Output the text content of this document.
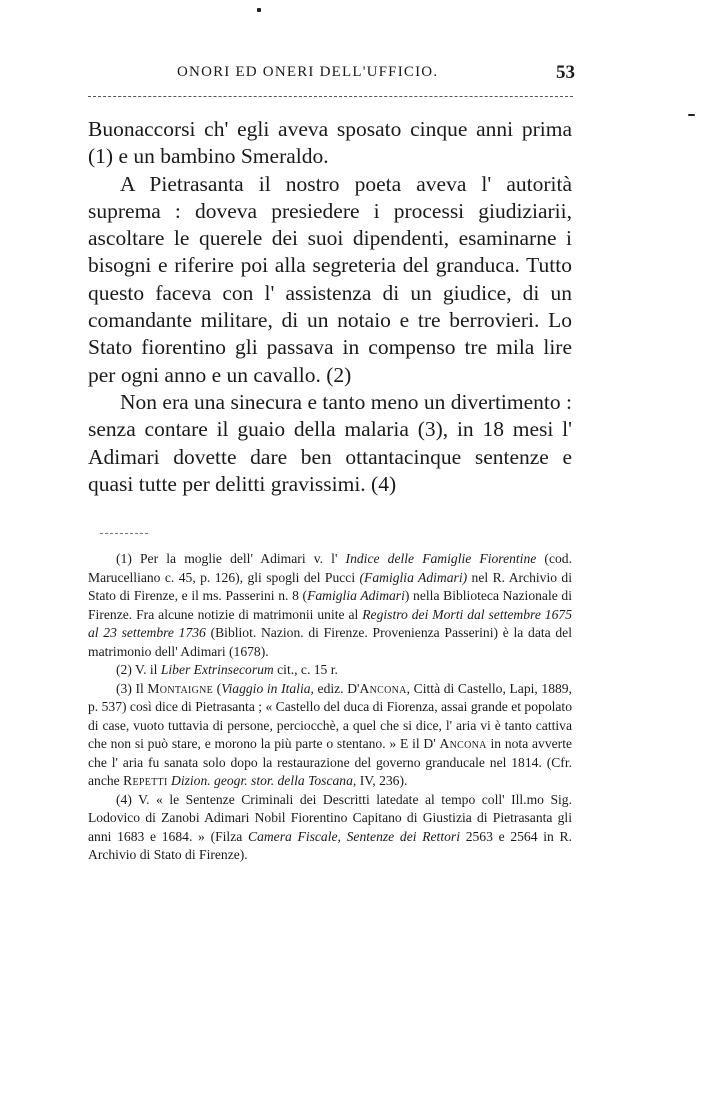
ONORI ED ONERI DELL'UFFICIO.	53

Buonaccorsi ch' egli aveva sposato cinque anni prima (1) e un bambino Smeraldo.

A Pietrasanta il nostro poeta aveva l' autorità suprema : doveva presiedere i processi giudiziarii, ascoltare le querele dei suoi dipendenti, esaminarne i bisogni e riferire poi alla segreteria del granduca. Tutto questo faceva con l' assistenza di un giudice, di un comandante militare, di un notaio e tre berrovieri. Lo Stato fiorentino gli passava in compenso tre mila lire per ogni anno e un cavallo. (2)

Non era una sinecura e tanto meno un divertimento : senza contare il guaio della malaria (3), in 18 mesi l' Adimari dovette dare ben ottantacinque sentenze e quasi tutte per delitti gravissimi. (4)

(1) Per la moglie dell' Adimari v. l' Indice delle Famiglie Fiorentine (cod. Marucelliano c. 45, p. 126), gli spogli del Pucci (Famiglia Adimari) nel R. Archivio di Stato di Firenze, e il ms. Passerini n. 8 (Famiglia Adimari) nella Biblioteca Nazionale di Firenze. Fra alcune notizie di matrimonii unite al Registro dei Morti dal settembre 1675 al 23 settembre 1736 (Bibliot. Nazion. di Firenze. Provenienza Passerini) è la data del matrimonio dell' Adimari (1678).

(2) V. il Liber Extrinsecorum cit., c. 15 r.

(3) Il Montaigne (Viaggio in Italia, ediz. D'Ancona, Città di Castello, Lapi, 1889, p. 537) così dice di Pietrasanta ; « Castello del duca di Fiorenza, assai grande et popolato di case, vuoto tuttavia di persone, perciocchè, a quel che si dice, l' aria vi è tanto cattiva che non si può stare, e morono la più parte o stentano. » E il D' Ancona in nota avverte che l' aria fu sanata solo dopo la restaurazione del governo granducale nel 1814. (Cfr. anche Repetti Dizion. geogr. stor. della Toscana, IV, 236).

(4) V. « le Sentenze Criminali dei Descritti latedate al tempo coll' Ill.mo Sig. Lodovico di Zanobi Adimari Nobil Fiorentino Capitano di Giustizia di Pietrasanta gli anni 1683 e 1684. » (Filza Camera Fiscale, Sentenze dei Rettori 2563 e 2564 in R. Archivio di Stato di Firenze).
